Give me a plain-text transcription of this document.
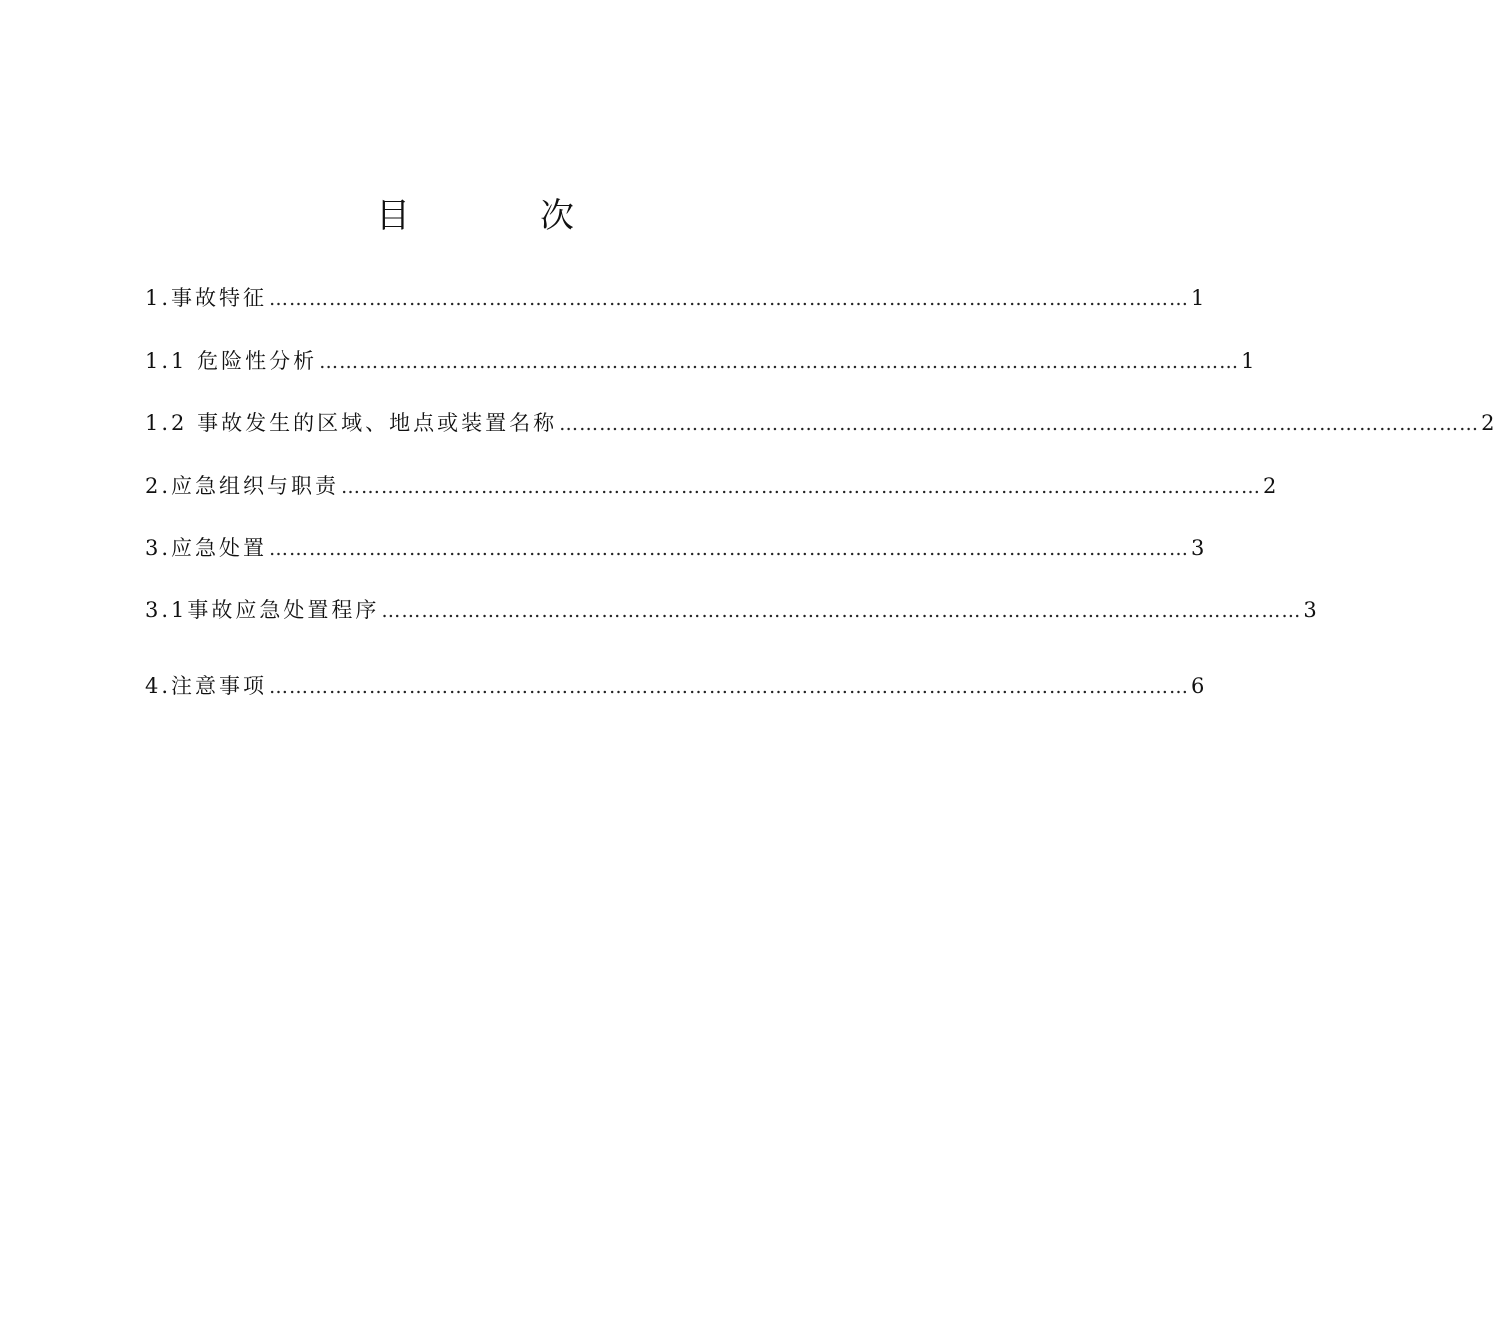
目　次
1.事故特征 ………………………………………………………………………………………………………………………… 1
1.1 危险性分析 ………………………………………………………………………………………………………………………… 1
1.2 事故发生的区域、地点或装置名称 ………………………………………………………………………………………………………………………… 2
2.应急组织与职责 ………………………………………………………………………………………………………………………… 2
3.应急处置 ………………………………………………………………………………………………………………………… 3
3.1事故应急处置程序 ………………………………………………………………………………………………………………………… 3
4.注意事项 ………………………………………………………………………………………………………………………… 6
